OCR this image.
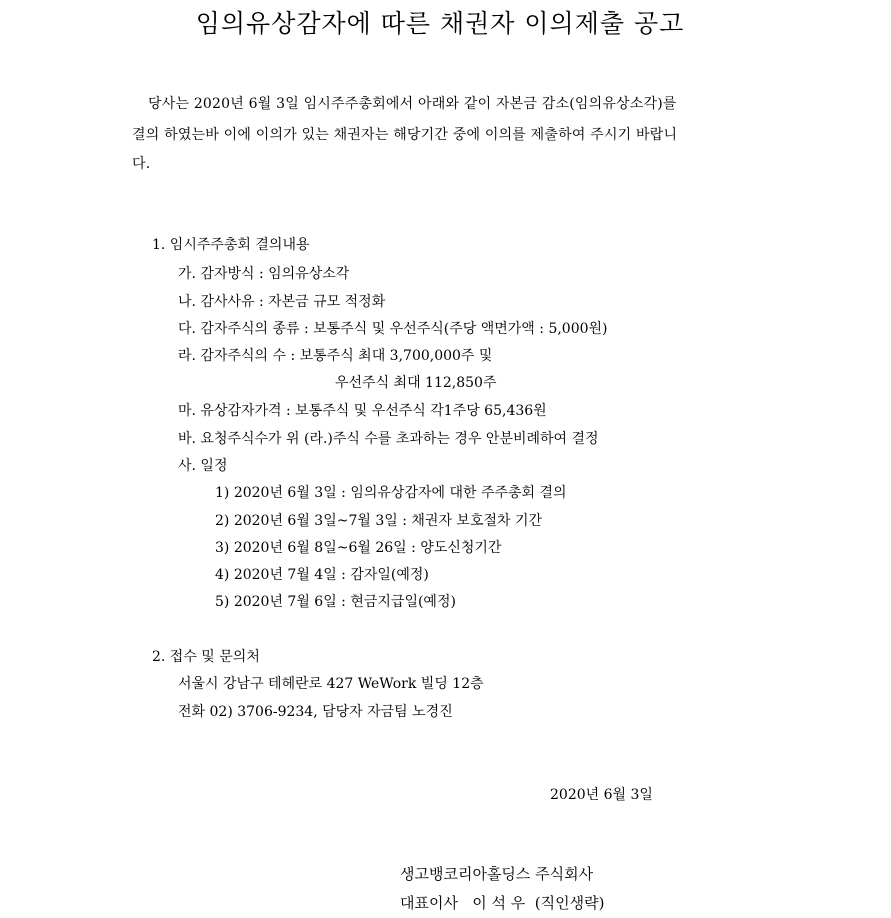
임의유상감자에 따른 채권자 이의제출 공고
당사는 2020년 6월 3일 임시주주총회에서 아래와 같이 자본금 감소(임의유상소각)를
결의 하였는바 이에 이의가 있는 채권자는 해당기간 중에 이의를 제출하여 주시기 바랍니
다.
1. 임시주주총회 결의내용
가. 감자방식 : 임의유상소각
나. 감사사유 : 자본금 규모 적정화
다. 감자주식의 종류 : 보통주식 및 우선주식(주당 액면가액 : 5,000원)
라. 감자주식의 수 : 보통주식 최대 3,700,000주 및
우선주식 최대 112,850주
마. 유상감자가격 : 보통주식 및 우선주식 각1주당 65,436원
바. 요청주식수가 위 (라.)주식 수를 초과하는 경우 안분비례하여 결정
사. 일정
1) 2020년 6월 3일 : 임의유상감자에 대한 주주총회 결의
2) 2020년 6월 3일~7월 3일 : 채권자 보호절차 기간
3) 2020년 6월 8일~6월 26일 : 양도신청기간
4) 2020년 7월 4일 : 감자일(예정)
5) 2020년 7월 6일 : 현금지급일(예정)
2. 접수 및 문의처
서울시 강남구 테헤란로 427 WeWork 빌딩 12층
전화 02) 3706-9234, 담당자 자금팀 노경진
2020년 6월 3일
생고뱅코리아홀딩스 주식회사
대표이사   이 석 우  (직인생략)
